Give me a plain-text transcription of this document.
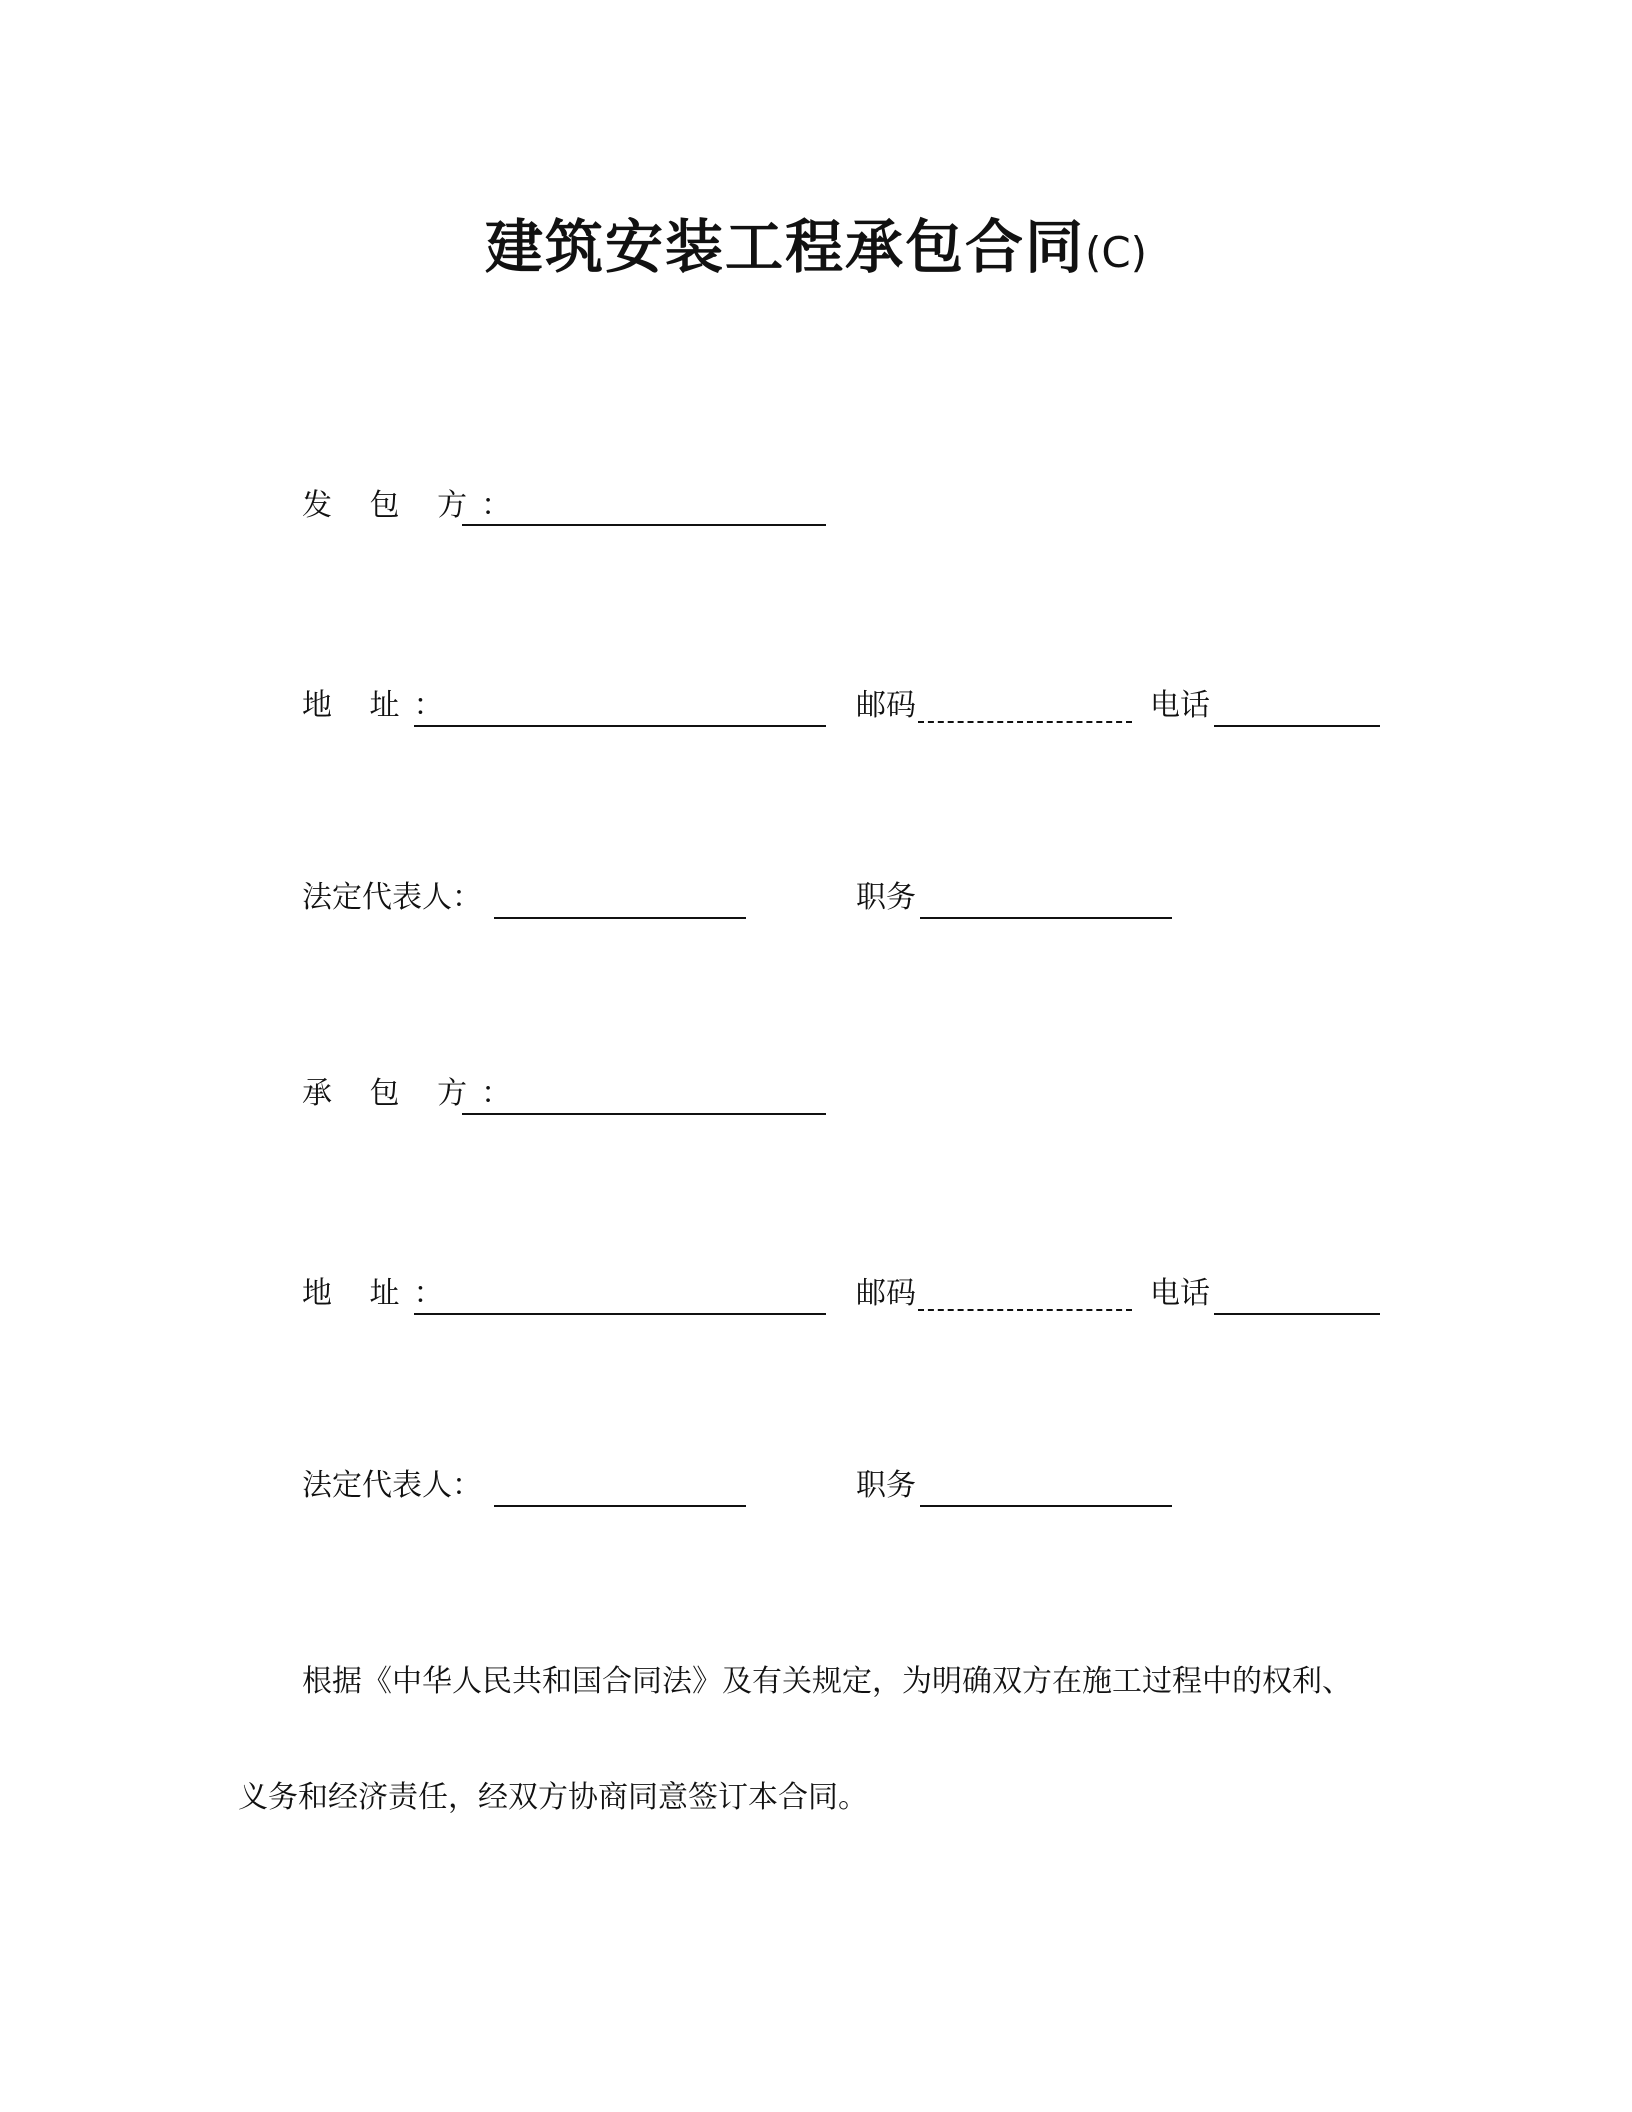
建筑安装工程承包合同(C)
发 包 方：
地 址：	邮码	电话
法定代表人：	职务
承 包 方：
地 址：	邮码	电话
法定代表人：	职务
根据《中华人民共和国合同法》及有关规定，为明确双方在施工过程中的权利、
义务和经济责任，经双方协商同意签订本合同。
